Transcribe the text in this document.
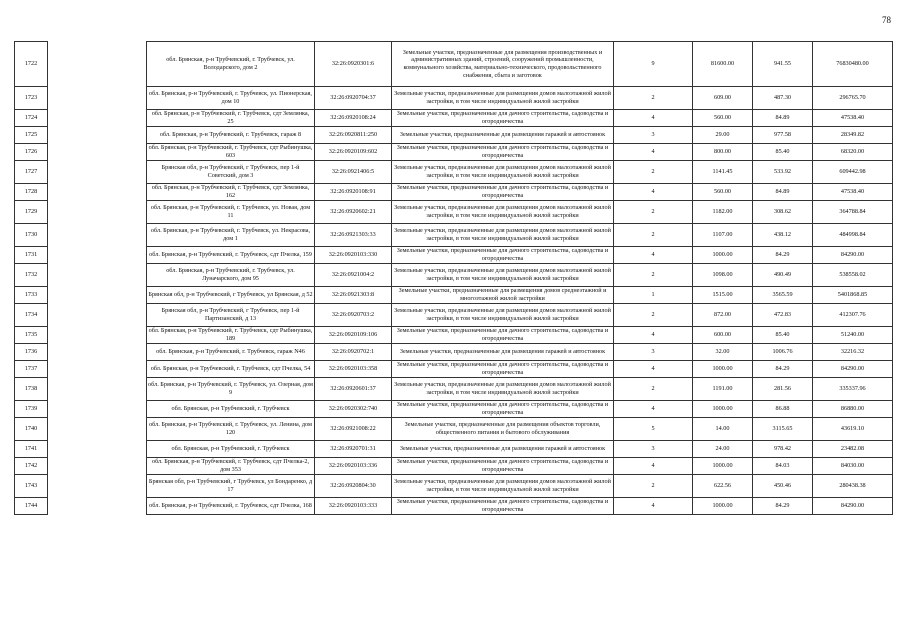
78
1722		обл. Брянская, р-н Трубчевский, г. Трубчевск, ул. Володарского, дом 2	32:26:0920301:6	Земельные участки, предназначенные для размещения производственных и административных зданий, строений, сооружений промышленности, коммунального хозяйства, материально-технического, продовольственного снабжения, сбыта и заготовок	9	81600.00	941.55	76830480.00
1723		обл. Брянская, р-н Трубчевский, г. Трубчевск, ул. Пионерская, дом 10	32:26:0920704:37	Земельные участки, предназначенные для размещения домов малоэтажной жилой застройки, в том числе индивидуальной жилой застройки	2	609.00	487.30	296765.70
1724		обл. Брянская, р-н Трубчевский, г. Трубчевск, сдт Землянка, 25	32:26:0920108:24	Земельные участки, предназначенные для дачного строительства, садоводства и огородничества	4	560.00	84.89	47538.40
1725		обл. Брянская, р-н Трубчевский, г. Трубчевск, гараж 8	32:26:0920811:250	Земельные участки, предназначенные для размещения гаражей и автостоянок	3	29.00	977.58	28349.82
1726		обл. Брянская, р-н Трубчевский, г. Трубчевск, сдт Рыбинушка, 603	32:26:0920109:602	Земельные участки, предназначенные для дачного строительства, садоводства и огородничества	4	800.00	85.40	68320.00
1727		Брянская обл, р-н Трубчевский, г Трубчевск, пер 1-й Советский, дом 3	32:26:0921406:5	Земельные участки, предназначенные для размещения домов малоэтажной жилой застройки, в том числе индивидуальной жилой застройки	2	1141.45	533.92	609442.98
1728		обл. Брянская, р-н Трубчевский, г. Трубчевск, сдт Землянка, 162	32:26:0920108:91	Земельные участки, предназначенные для дачного строительства, садоводства и огородничества	4	560.00	84.89	47538.40
1729		обл. Брянская, р-н Трубчевский, г. Трубчевск, ул. Новая, дом 11	32:26:0920602:21	Земельные участки, предназначенные для размещения домов малоэтажной жилой застройки, в том числе индивидуальной жилой застройки	2	1182.00	308.62	364788.84
1730		обл. Брянская, р-н Трубчевский, г. Трубчевск, ул. Некрасова, дом 1	32:26:0921303:33	Земельные участки, предназначенные для размещения домов малоэтажной жилой застройки, в том числе индивидуальной жилой застройки	2	1107.00	438.12	484998.84
1731		обл. Брянская, р-н Трубчевский, г. Трубчевск, сдт Пчелка, 159	32:26:0920103:330	Земельные участки, предназначенные для дачного строительства, садоводства и огородничества	4	1000.00	84.29	84290.00
1732		обл. Брянская, р-н Трубчевский, г. Трубчевск, ул. Луначарского, дом 95	32:26:0921004:2	Земельные участки, предназначенные для размещения домов малоэтажной жилой застройки, в том числе индивидуальной жилой застройки	2	1098.00	490.49	538558.02
1733		Брянская обл, р-н Трубчевский, г Трубчевск, ул Брянская, д 52	32:26:0921303:8	Земельные участки, предназначенные для размещения домов среднеэтажной и многоэтажной жилой застройки	1	1515.00	3565.59	5401868.85
1734		Брянская обл, р-н Трубчевский, г Трубчевск, пер 1-й Партизанский, д 13	32:26:0920703:2	Земельные участки, предназначенные для размещения домов малоэтажной жилой застройки, в том числе индивидуальной жилой застройки	2	872.00	472.83	412307.76
1735		обл. Брянская, р-н Трубчевский, г. Трубчевск, сдт Рыбинушка, 189	32:26:0920109:106	Земельные участки, предназначенные для дачного строительства, садоводства и огородничества	4	600.00	85.40	51240.00
1736		обл. Брянская, р-н Трубчевский, г. Трубчевск, гараж N46	32:26:0920702:1	Земельные участки, предназначенные для размещения гаражей и автостоянок	3	32.00	1006.76	32216.32
1737		обл. Брянская, р-н Трубчевский, г. Трубчевск, сдт Пчелка, 54	32:26:0920103:358	Земельные участки, предназначенные для дачного строительства, садоводства и огородничества	4	1000.00	84.29	84290.00
1738		обл. Брянская, р-н Трубчевский, г. Трубчевск, ул. Озерная, дом 9	32:26:0920601:37	Земельные участки, предназначенные для размещения домов малоэтажной жилой застройки, в том числе индивидуальной жилой застройки	2	1191.00	281.56	335337.96
1739		обл. Брянская, р-н Трубчевский, г. Трубчевск	32:26:0920302:740	Земельные участки, предназначенные для дачного строительства, садоводства и огородничества	4	1000.00	86.88	86880.00
1740		обл. Брянская, р-н Трубчевский, г. Трубчевск, ул. Ленина, дом 120	32:26:0921008:22	Земельные участки, предназначенные для размещения объектов торговли, общественного питания и бытового обслуживания	5	14.00	3115.65	43619.10
1741		обл. Брянская, р-н Трубчевский, г. Трубчевск	32:26:0920701:31	Земельные участки, предназначенные для размещения гаражей и автостоянок	3	24.00	978.42	23482.08
1742		обл. Брянская, р-н Трубчевский, г. Трубчевск, сдт Пчелка-2, дом 353	32:26:0920103:336	Земельные участки, предназначенные для дачного строительства, садоводства и огородничества	4	1000.00	84.03	84030.00
1743		Брянская обл, р-н Трубчевский, г Трубчевск, ул Бондаренко, д 17	32:26:0920804:30	Земельные участки, предназначенные для размещения домов малоэтажной жилой застройки, в том числе индивидуальной жилой застройки	2	622.56	450.46	280438.38
1744		обл. Брянская, р-н Трубчевский, г. Трубчевск, сдт Пчелка, 168	32:26:0920103:333	Земельные участки, предназначенные для дачного строительства, садоводства и огородничества	4	1000.00	84.29	84290.00
